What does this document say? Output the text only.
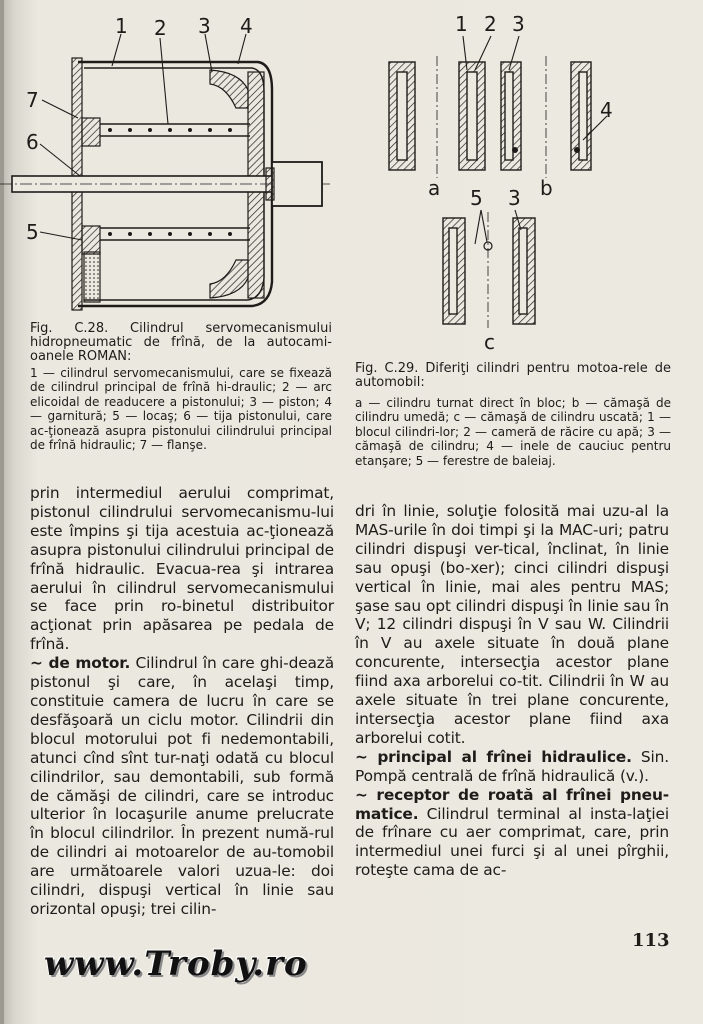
1 2 3 4
7
6
5
1 2 3
4
5 3
a	b
c
Fig. C.28. Cilindrul servomecanismului hidropneumatic de frînă, de la autocami-oanele ROMAN:
1 — cilindrul servomecanismului, care se fixează de cilindrul principal de frînă hi-draulic; 2 — arc elicoidal de readucere a pistonului; 3 — piston; 4 — garnitură; 5 — locaş; 6 — tija pistonului, care ac-ţionează asupra pistonului cilindrului principal de frînă hidraulic; 7 — flanşe.
Fig. C.29. Diferiţi cilindri pentru motoa-rele de automobil:
a — cilindru turnat direct în bloc; b — cămaşă de cilindru umedă; c — cămaşă de cilindru uscată; 1 — blocul cilindri-lor; 2 — cameră de răcire cu apă; 3 — cămaşă de cilindru; 4 — inele de cauciuc pentru etanşare; 5 — ferestre de baleiaj.

prin intermediul aerului comprimat, pistonul cilindrului servomecanismu-lui este împins şi tija acestuia ac-ţionează asupra pistonului cilindrului principal de frînă hidraulic. Evacua-rea şi intrarea aerului în cilindrul servomecanismului se face prin ro-binetul distribuitor acţionat prin apăsarea pe pedala de frînă.

~ de motor. Cilindrul în care ghi-dează pistonul şi care, în acelaşi timp, constituie camera de lucru în care se desfăşoară un ciclu motor. Cilindrii din blocul motorului pot fi nedemontabili, atunci cînd sînt tur-naţi odată cu blocul cilindrilor, sau demontabili, sub formă de cămăşi de cilindri, care se introduc ulterior în locaşurile anume prelucrate în blocul cilindrilor. În prezent numă-rul de cilindri ai motoarelor de au-tomobil are următoarele valori uzua-le: doi cilindri, dispuşi vertical în linie sau orizontal opuşi; trei cilin-

dri în linie, soluţie folosită mai uzu-al la MAS-urile în doi timpi şi la MAC-uri; patru cilindri dispuşi ver-tical, înclinat, în linie sau opuşi (bo-xer); cinci cilindri dispuşi vertical în linie, mai ales pentru MAS; şase sau opt cilindri dispuşi în linie sau în V; 12 cilindri dispuşi în V sau W. Cilindrii în V au axele situate în două plane concurente, intersecţia acestor plane fiind axa arborelui co-tit. Cilindrii în W au axele situate în trei plane concurente, intersecţia acestor plane fiind axa arborelui cotit.

~ principal al frînei hidraulice. Sin. Pompă centrală de frînă hidraulică (v.).

~ receptor de roată al frînei pneu-matice. Cilindrul terminal al insta-laţiei de frînare cu aer comprimat, care, prin intermediul unei furci şi al unei pîrghii, roteşte cama de ac-

113
www.Troby.ro
